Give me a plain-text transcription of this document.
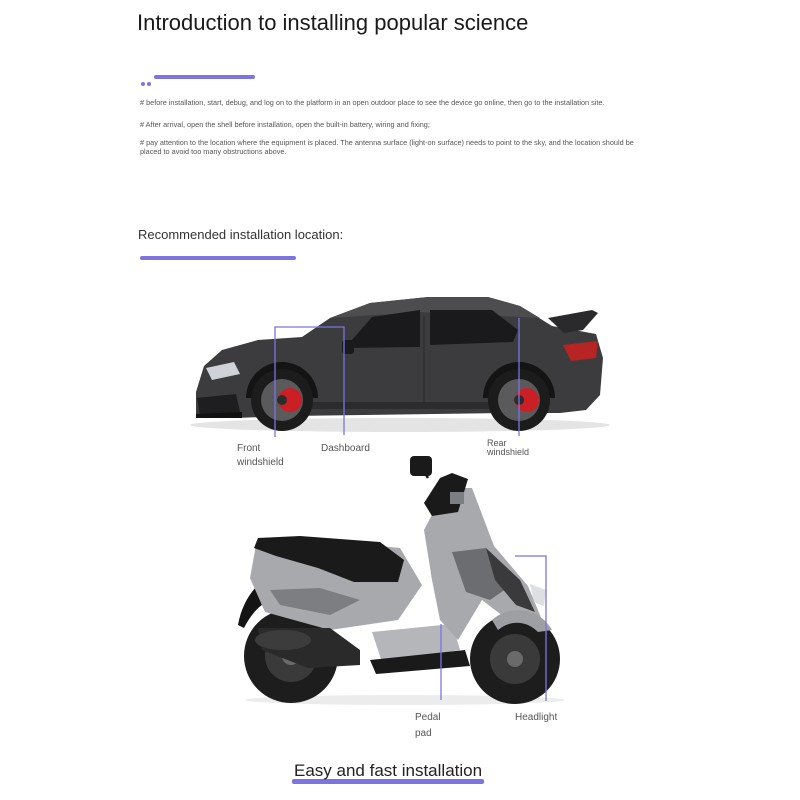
Introduction to installing popular science

# before installation, start, debug, and log on to the platform in an open outdoor place to see the device go online, then go to the installation site.

# After arrival, open the shell before installation, open the built-in battery, wiring and fixing;

# pay attention to the location where the equipment is placed. The antenna surface (light-on surface) needs to point to the sky, and the location should be placed to avoid too many obstructions above.

Recommended installation location:
Front
windshield
Dashboard	Rear
windshield
Pedal
pad
Headlight
Easy and fast installation
